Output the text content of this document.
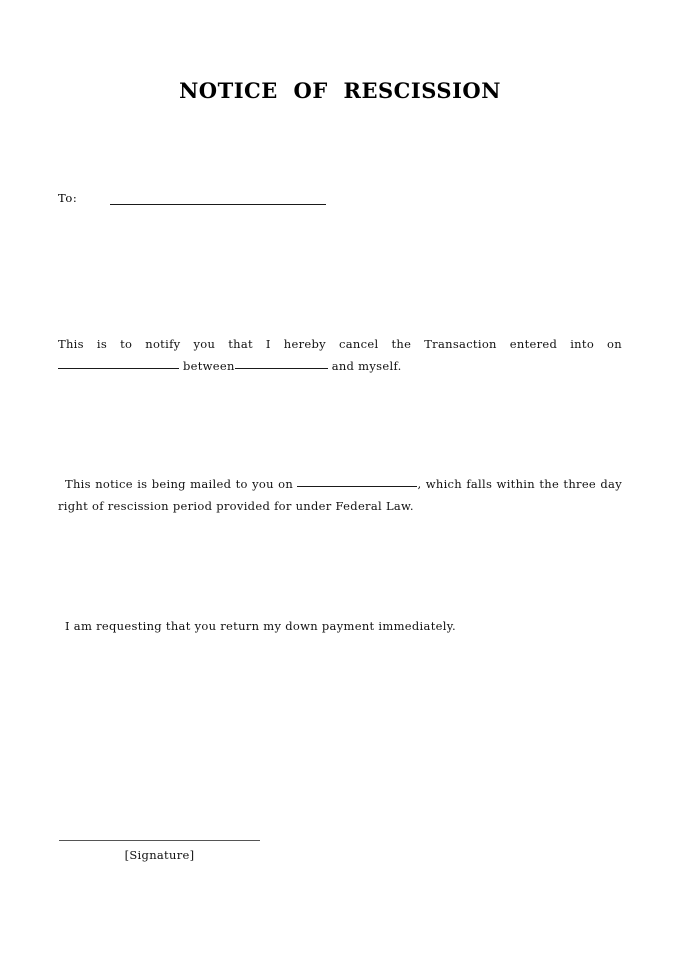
NOTICE OF RESCISSION
To:
This is to notify you that I hereby cancel the Transaction entered into on
between	and myself.
This notice is being mailed to you on	, which falls within the three day
right of rescission period provided for under Federal Law.
I am requesting that you return my down payment immediately.
[Signature]
